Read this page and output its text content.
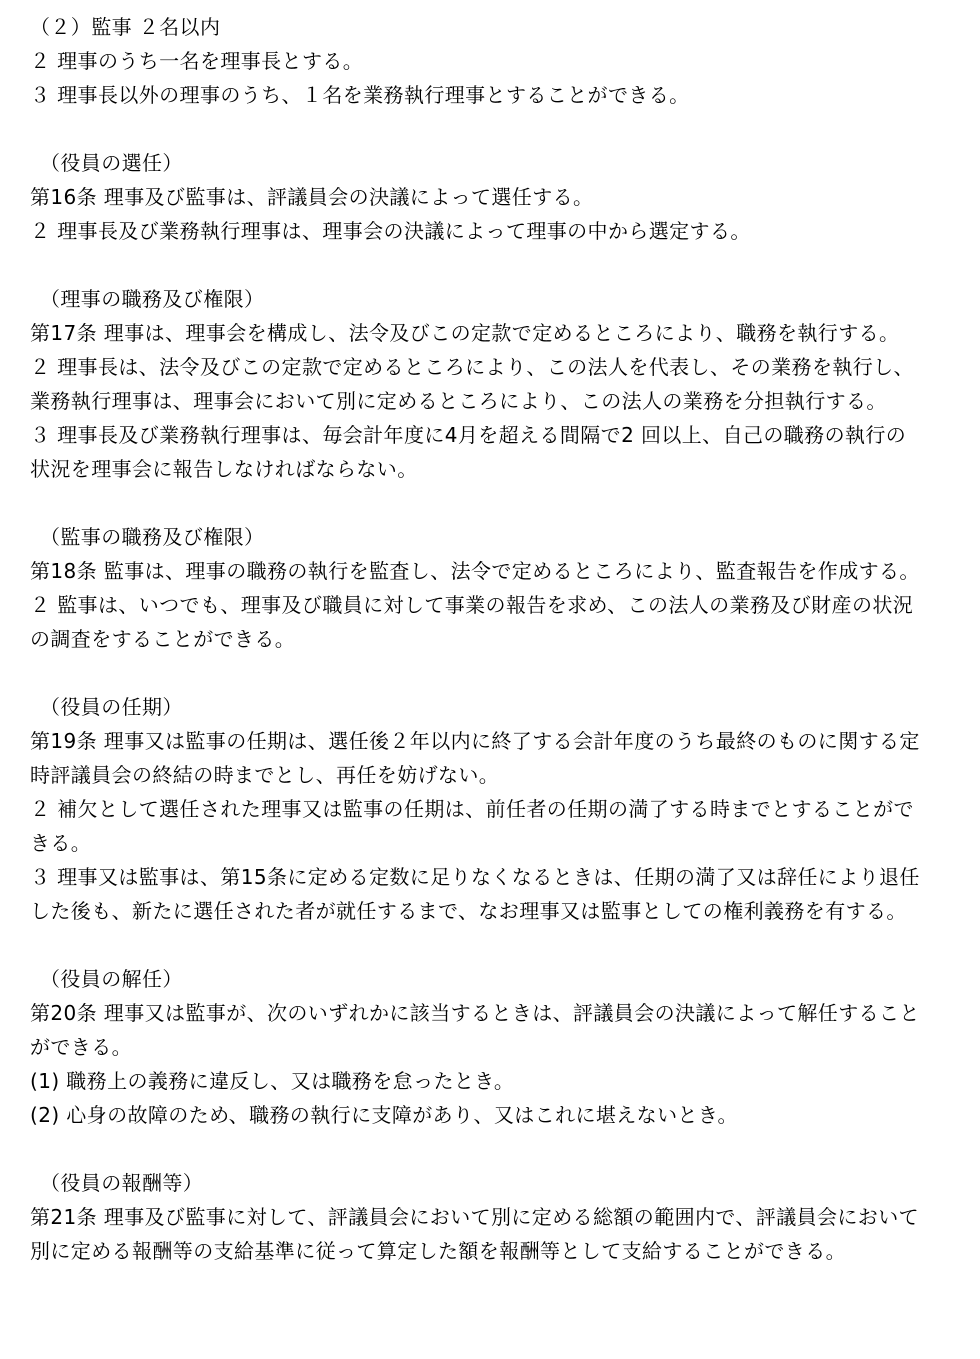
（２）監事 ２名以内
２ 理事のうち一名を理事長とする。
３ 理事長以外の理事のうち、１名を業務執行理事とすることができる。
（役員の選任）
第16条 理事及び監事は、評議員会の決議によって選任する。
２ 理事長及び業務執行理事は、理事会の決議によって理事の中から選定する。
（理事の職務及び権限）
第17条 理事は、理事会を構成し、法令及びこの定款で定めるところにより、職務を執行する。
２ 理事長は、法令及びこの定款で定めるところにより、この法人を代表し、その業務を執行し、
業務執行理事は、理事会において別に定めるところにより、この法人の業務を分担執行する。
３ 理事長及び業務執行理事は、毎会計年度に4月を超える間隔で2 回以上、自己の職務の執行の
状況を理事会に報告しなければならない。
（監事の職務及び権限）
第18条 監事は、理事の職務の執行を監査し、法令で定めるところにより、監査報告を作成する。
２ 監事は、いつでも、理事及び職員に対して事業の報告を求め、この法人の業務及び財産の状況
の調査をすることができる。
（役員の任期）
第19条 理事又は監事の任期は、選任後２年以内に終了する会計年度のうち最終のものに関する定
時評議員会の終結の時までとし、再任を妨げない。
２ 補欠として選任された理事又は監事の任期は、前任者の任期の満了する時までとすることがで
きる。
３ 理事又は監事は、第15条に定める定数に足りなくなるときは、任期の満了又は辞任により退任
した後も、新たに選任された者が就任するまで、なお理事又は監事としての権利義務を有する。
（役員の解任）
第20条 理事又は監事が、次のいずれかに該当するときは、評議員会の決議によって解任すること
ができる。
(1) 職務上の義務に違反し、又は職務を怠ったとき。
(2) 心身の故障のため、職務の執行に支障があり、又はこれに堪えないとき。
（役員の報酬等）
第21条 理事及び監事に対して、評議員会において別に定める総額の範囲内で、評議員会において
別に定める報酬等の支給基準に従って算定した額を報酬等として支給することができる。
